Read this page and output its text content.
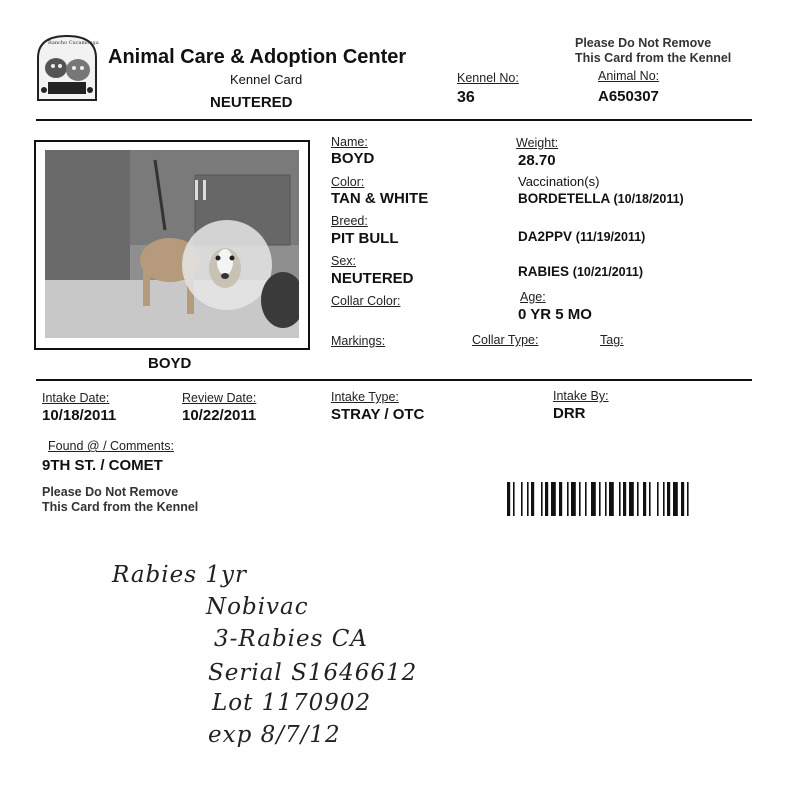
Rancho Cucamonga
Animal Care & Adoption Center
Kennel Card
NEUTERED
Please Do Not Remove
This Card from the Kennel
Kennel No:
36
Animal No:
A650307
BOYD
Name:
BOYD
Color:
TAN & WHITE
Breed:
PIT BULL
Sex:
NEUTERED
Collar Color:
Markings:
Weight:
28.70
Vaccination(s)
BORDETELLA (10/18/2011)
DA2PPV (11/19/2011)
RABIES (10/21/2011)
Age:
0 YR 5 MO
Collar Type:	Tag:
Intake Date:
10/18/2011
Review Date:
10/22/2011
Intake Type:
STRAY / OTC
Intake By:
DRR
Found @ / Comments:
9TH ST. / COMET
Please Do Not Remove
This Card from the Kennel
Rabies 1yr
Nobivac
3-Rabies CA
Serial S1646612
Lot 1170902
exp 8/7/12
